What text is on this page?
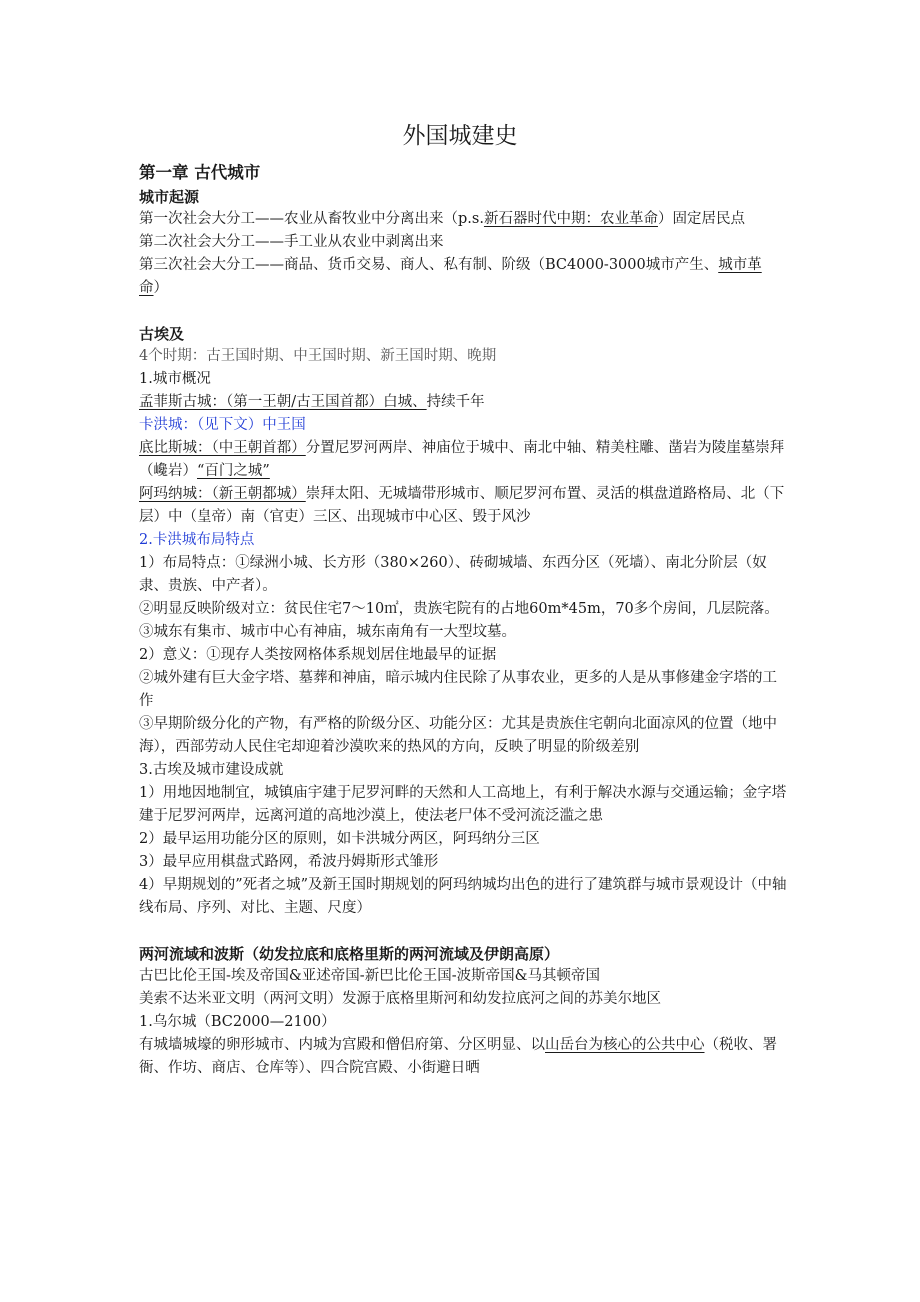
外国城建史
第一章 古代城市
城市起源

第一次社会大分工——农业从畜牧业中分离出来（p.s.新石器时代中期：农业革命）固定居民点

第二次社会大分工——手工业从农业中剥离出来

第三次社会大分工——商品、货币交易、商人、私有制、阶级（BC4000-3000城市产生、城市革命）

古埃及

4个时期：古王国时期、中王国时期、新王国时期、晚期

1.城市概况

孟菲斯古城：（第一王朝/古王国首都）白城、持续千年

卡洪城：（见下文）中王国

底比斯城：（中王朝首都）分置尼罗河两岸、神庙位于城中、南北中轴、精美柱雕、凿岩为陵崖墓崇拜（巉岩）“百门之城”

阿玛纳城：（新王朝都城）崇拜太阳、无城墙带形城市、顺尼罗河布置、灵活的棋盘道路格局、北（下层）中（皇帝）南（官吏）三区、出现城市中心区、毁于风沙

2.卡洪城布局特点

1）布局特点：①绿洲小城、长方形（380×260）、砖砌城墙、东西分区（死墙）、南北分阶层（奴隶、贵族、中产者）。

②明显反映阶级对立：贫民住宅7～10㎡，贵族宅院有的占地60m*45m，70多个房间，几层院落。

③城东有集市、城市中心有神庙，城东南角有一大型坟墓。

2）意义：①现存人类按网格体系规划居住地最早的证据

②城外建有巨大金字塔、墓葬和神庙，暗示城内住民除了从事农业，更多的人是从事修建金字塔的工作

③早期阶级分化的产物，有严格的阶级分区、功能分区：尤其是贵族住宅朝向北面凉风的位置（地中海），西部劳动人民住宅却迎着沙漠吹来的热风的方向，反映了明显的阶级差别

3.古埃及城市建设成就

1）用地因地制宜，城镇庙宇建于尼罗河畔的天然和人工高地上，有利于解决水源与交通运输；金字塔建于尼罗河两岸，远离河道的高地沙漠上，使法老尸体不受河流泛滥之患

2）最早运用功能分区的原则，如卡洪城分两区，阿玛纳分三区

3）最早应用棋盘式路网，希波丹姆斯形式雏形

4）早期规划的”死者之城”及新王国时期规划的阿玛纳城均出色的进行了建筑群与城市景观设计（中轴线布局、序列、对比、主题、尺度）

两河流域和波斯（幼发拉底和底格里斯的两河流域及伊朗高原）

古巴比伦王国-埃及帝国&亚述帝国-新巴比伦王国-波斯帝国&马其顿帝国

美索不达米亚文明（两河文明）发源于底格里斯河和幼发拉底河之间的苏美尔地区

1.乌尔城（BC2000—2100）

有城墙城壕的卵形城市、内城为宫殿和僧侣府第、分区明显、以山岳台为核心的公共中心（税收、署衙、作坊、商店、仓库等）、四合院宫殿、小街避日晒
